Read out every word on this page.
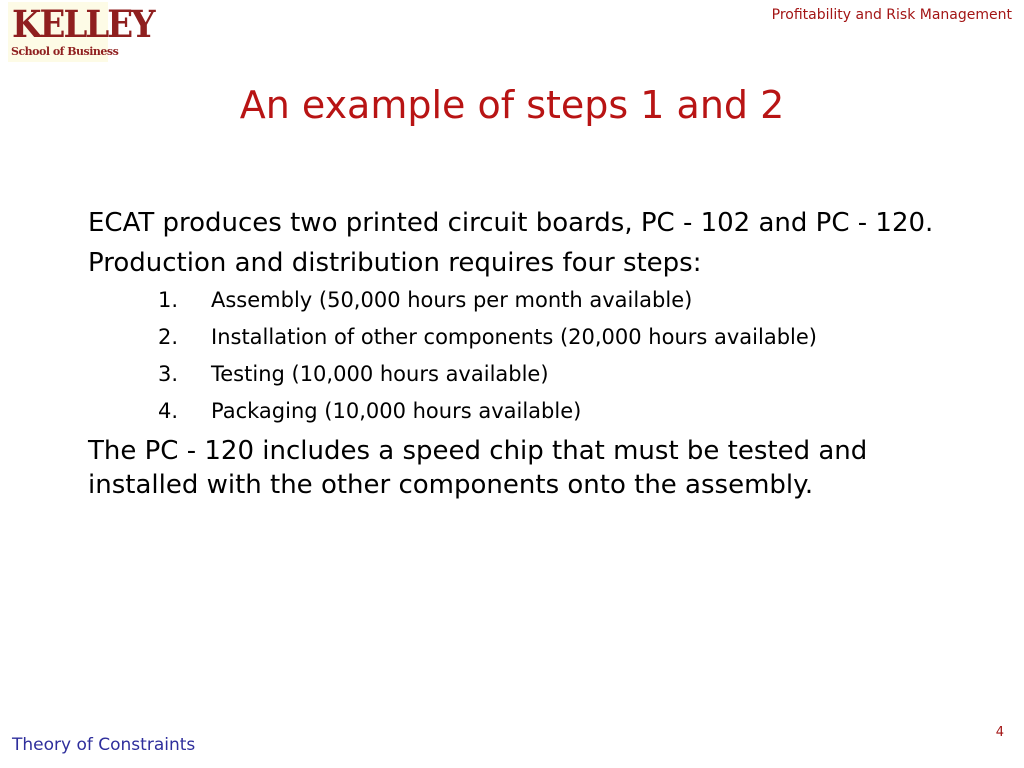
KELLEY
School of Business
Profitability and Risk Management
An example of steps 1 and 2

ECAT produces two printed circuit boards, PC - 102 and PC - 120.

Production and distribution requires four steps:

1.	Assembly (50,000 hours per month available)
2.	Installation of other components (20,000 hours available)
3.	Testing (10,000 hours available)
4.	Packaging (10,000 hours available)

The PC - 120 includes a speed chip that must be tested and installed with the other components onto the assembly.

Theory of Constraints
4
